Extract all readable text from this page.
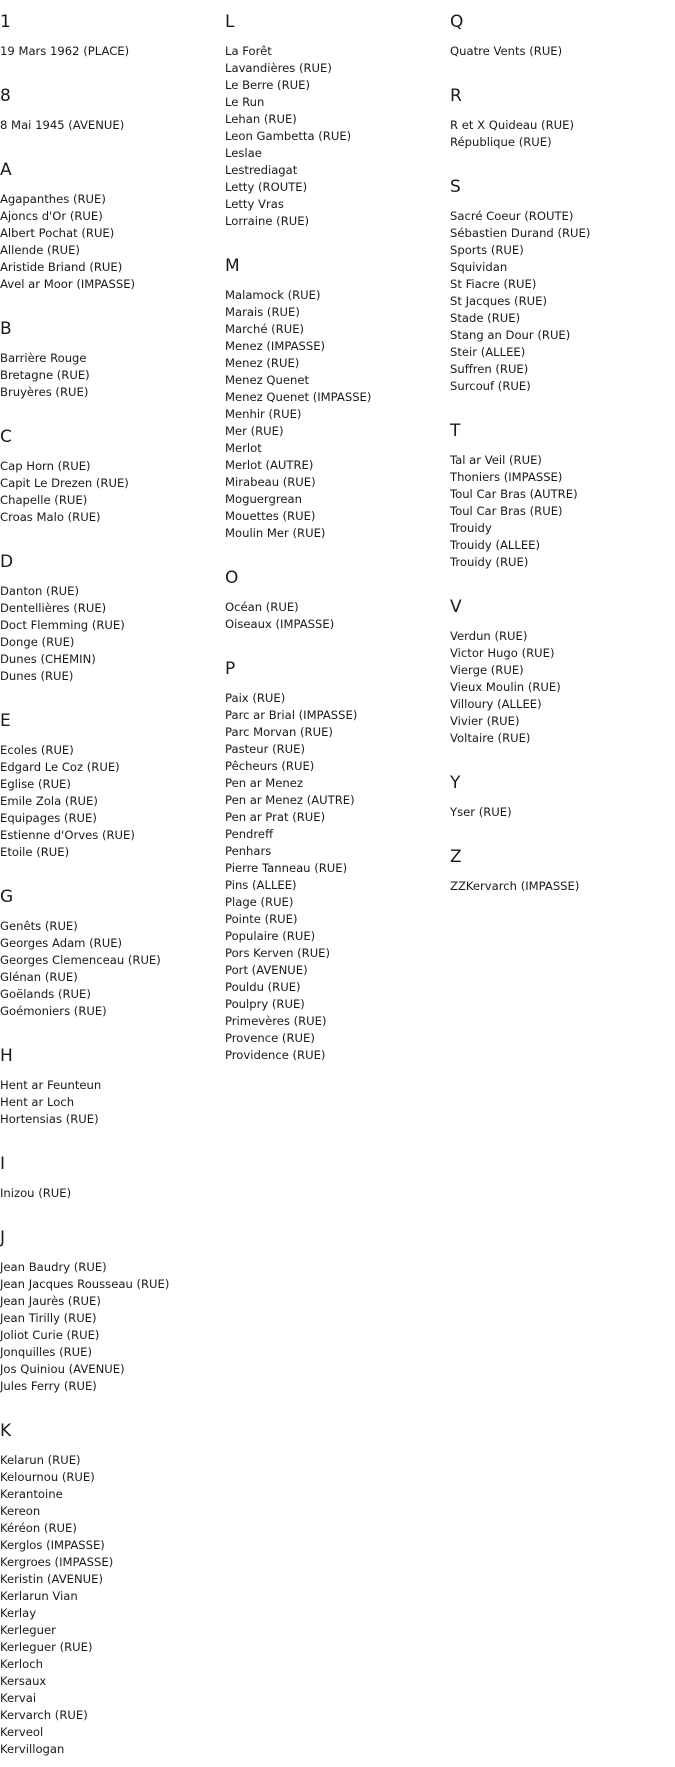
1
19 Mars 1962 (PLACE)
8
8 Mai 1945 (AVENUE)
A
Agapanthes (RUE)
Ajoncs d'Or (RUE)
Albert Pochat (RUE)
Allende (RUE)
Aristide Briand (RUE)
Avel ar Moor (IMPASSE)
B
Barrière Rouge
Bretagne (RUE)
Bruyères (RUE)
C
Cap Horn (RUE)
Capit Le Drezen (RUE)
Chapelle (RUE)
Croas Malo (RUE)
D
Danton (RUE)
Dentellières (RUE)
Doct Flemming (RUE)
Donge (RUE)
Dunes (CHEMIN)
Dunes (RUE)
E
Ecoles (RUE)
Edgard Le Coz (RUE)
Eglise (RUE)
Emile Zola (RUE)
Equipages (RUE)
Estienne d'Orves (RUE)
Etoile (RUE)
G
Genêts (RUE)
Georges Adam (RUE)
Georges Clemenceau (RUE)
Glénan (RUE)
Goëlands (RUE)
Goémoniers (RUE)
H
Hent ar Feunteun
Hent ar Loch
Hortensias (RUE)
I
Inizou (RUE)
J
Jean Baudry (RUE)
Jean Jacques Rousseau (RUE)
Jean Jaurès (RUE)
Jean Tirilly (RUE)
Joliot Curie (RUE)
Jonquilles (RUE)
Jos Quiniou (AVENUE)
Jules Ferry (RUE)
K
Kelarun (RUE)
Kelournou (RUE)
Kerantoine
Kereon
Kéréon (RUE)
Kerglos (IMPASSE)
Kergroes (IMPASSE)
Keristin (AVENUE)
Kerlarun Vian
Kerlay
Kerleguer
Kerleguer (RUE)
Kerloch
Kersaux
Kervai
Kervarch (RUE)
Kerveol
Kervillogan
L
La Forêt
Lavandières (RUE)
Le Berre (RUE)
Le Run
Lehan (RUE)
Leon Gambetta (RUE)
Leslae
Lestrediagat
Letty (ROUTE)
Letty Vras
Lorraine (RUE)
M
Malamock (RUE)
Marais (RUE)
Marché (RUE)
Menez (IMPASSE)
Menez (RUE)
Menez Quenet
Menez Quenet (IMPASSE)
Menhir (RUE)
Mer (RUE)
Merlot
Merlot (AUTRE)
Mirabeau (RUE)
Moguergrean
Mouettes (RUE)
Moulin Mer (RUE)
O
Océan (RUE)
Oiseaux (IMPASSE)
P
Paix (RUE)
Parc ar Brial (IMPASSE)
Parc Morvan (RUE)
Pasteur (RUE)
Pêcheurs (RUE)
Pen ar Menez
Pen ar Menez (AUTRE)
Pen ar Prat (RUE)
Pendreff
Penhars
Pierre Tanneau (RUE)
Pins (ALLEE)
Plage (RUE)
Pointe (RUE)
Populaire (RUE)
Pors Kerven (RUE)
Port (AVENUE)
Pouldu (RUE)
Poulpry (RUE)
Primevères (RUE)
Provence (RUE)
Providence (RUE)
Q
Quatre Vents (RUE)
R
R et X Quideau (RUE)
République (RUE)
S
Sacré Coeur (ROUTE)
Sébastien Durand (RUE)
Sports (RUE)
Squividan
St Fiacre (RUE)
St Jacques (RUE)
Stade (RUE)
Stang an Dour (RUE)
Steir (ALLEE)
Suffren (RUE)
Surcouf (RUE)
T
Tal ar Veil (RUE)
Thoniers (IMPASSE)
Toul Car Bras (AUTRE)
Toul Car Bras (RUE)
Trouidy
Trouidy (ALLEE)
Trouidy (RUE)
V
Verdun (RUE)
Victor Hugo (RUE)
Vierge (RUE)
Vieux Moulin (RUE)
Villoury (ALLEE)
Vivier (RUE)
Voltaire (RUE)
Y
Yser (RUE)
Z
ZZKervarch (IMPASSE)
